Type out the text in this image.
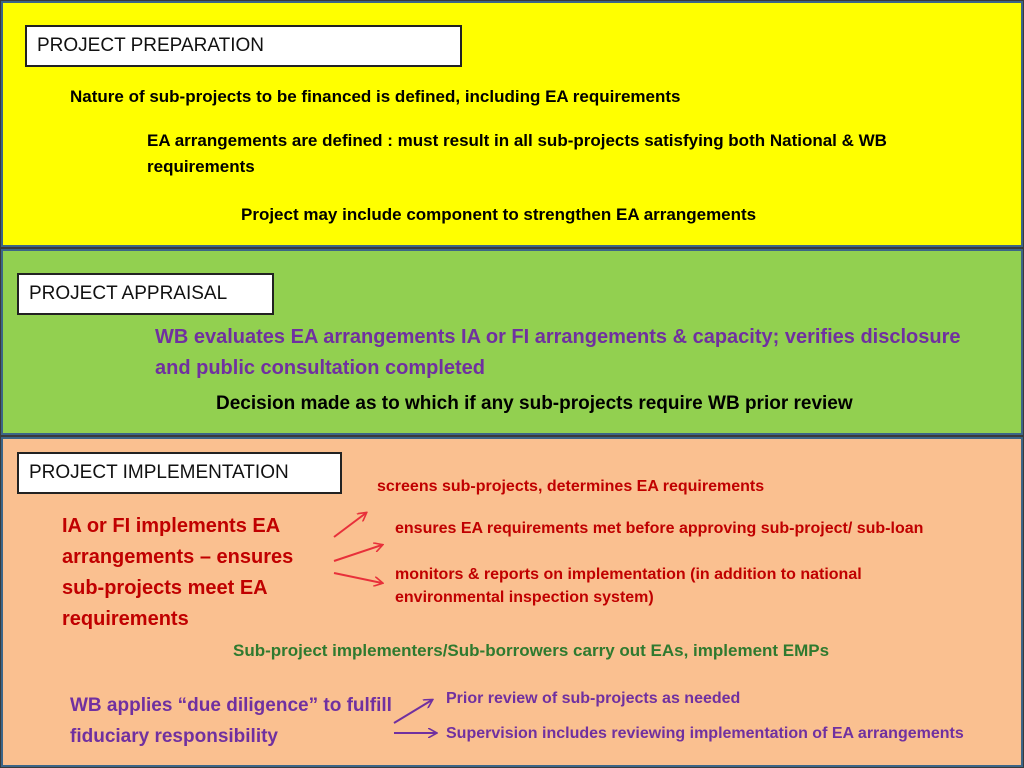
PROJECT PREPARATION
Nature of sub-projects to be financed is defined, including EA requirements
EA arrangements are defined : must result in all sub-projects satisfying both National & WB requirements
Project may include component to strengthen EA arrangements
PROJECT APPRAISAL
WB evaluates EA arrangements IA or FI arrangements & capacity; verifies disclosure and public consultation completed
Decision made as to which if any sub-projects require WB prior review
PROJECT IMPLEMENTATION
IA or FI implements EA arrangements – ensures sub-projects meet EA requirements
screens sub-projects, determines EA requirements
ensures EA requirements met before approving sub-project/ sub-loan
monitors & reports on implementation (in addition to national environmental inspection system)
Sub-project implementers/Sub-borrowers carry out EAs, implement EMPs
WB applies “due diligence” to fulfill fiduciary responsibility
Prior review of sub-projects as needed
Supervision includes reviewing implementation of EA arrangements
